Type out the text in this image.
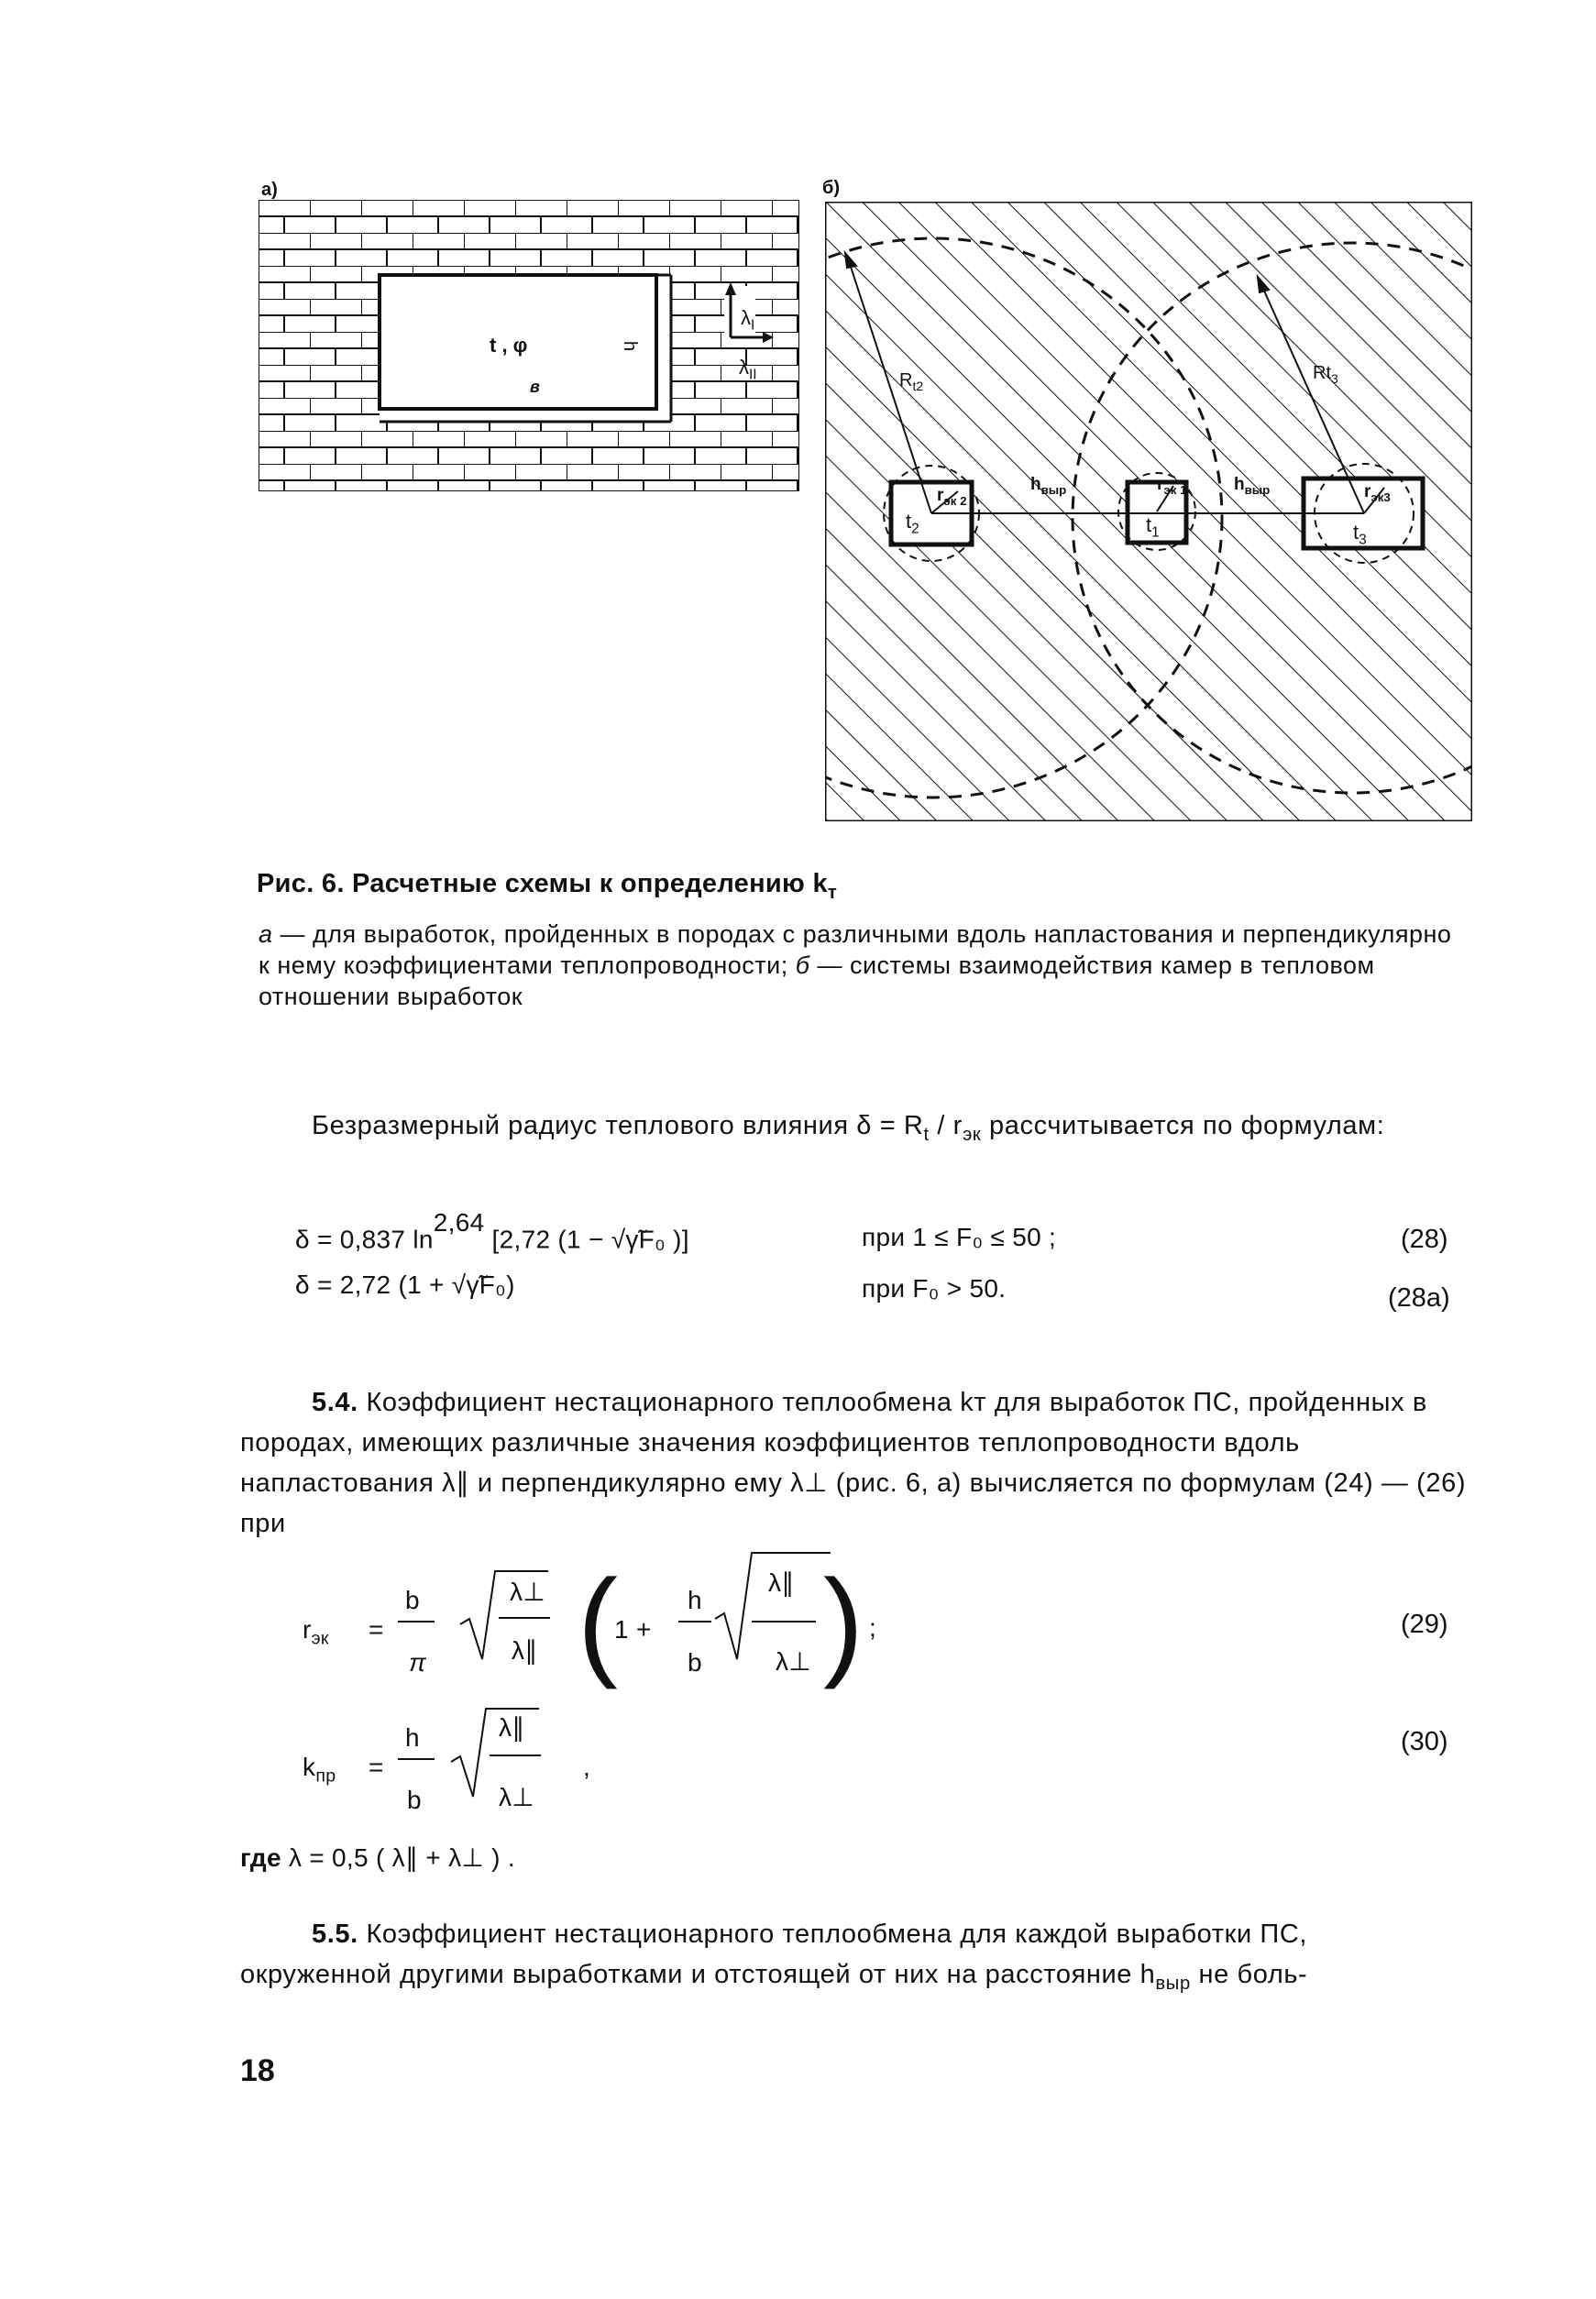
а)
t , φ
в
h
$\lambda_I$
$\lambda_{II}$
б)
$R_{t2}$
$Rt_3$
$r_{эк 2}$
$r_{эк 1}$	$r_{эк3}$
$h_{выр}$	$h_{выр}$
$t_2$	$t_1$	$t_3$
Рис. 6. Расчетные схемы к определению $k_т$
а — для выработок, пройденных в породах с различными вдоль напластования и перпендикулярно к нему коэффициентами теплопроводности; б — системы взаимодействия камер в тепловом отношении выработок
Безразмерный радиус теплового влияния $\delta = R_t / r_{эк}$ рассчитывается по формулам:
δ = 0,837 $\ln^{2,64} [2,72$ (1 − √γ̃F₀ )]	при 1 ≤ F₀ ≤ 50 ;	(28)
δ = 2,72 (1 + √γ̃F₀)	при F₀ > 50.	(28а)
5.4. Коэффициент нестационарного теплообмена kт для выработок ПС, пройденных в породах, имеющих различные значения коэффициентов теплопроводности вдоль напластования λ∥ и перпендикулярно ему λ⊥ (рис. 6, а) вычисляется по формулам (24) — (26) при
$r_{эк}$ =
b
π
λ⊥
λ∥ (
1 +
h
b
λ∥
λ⊥ ) ;	(29)
$k_{пр}$ =
h
b
λ∥
λ⊥
,
(30)
где λ = 0,5 ( λ∥ + λ⊥ ) .
5.5. Коэффициент нестационарного теплообмена для каждой выработки ПС, окруженной другими выработками и отстоящей от них на расстояние $h_{выр}$ не боль-
18
